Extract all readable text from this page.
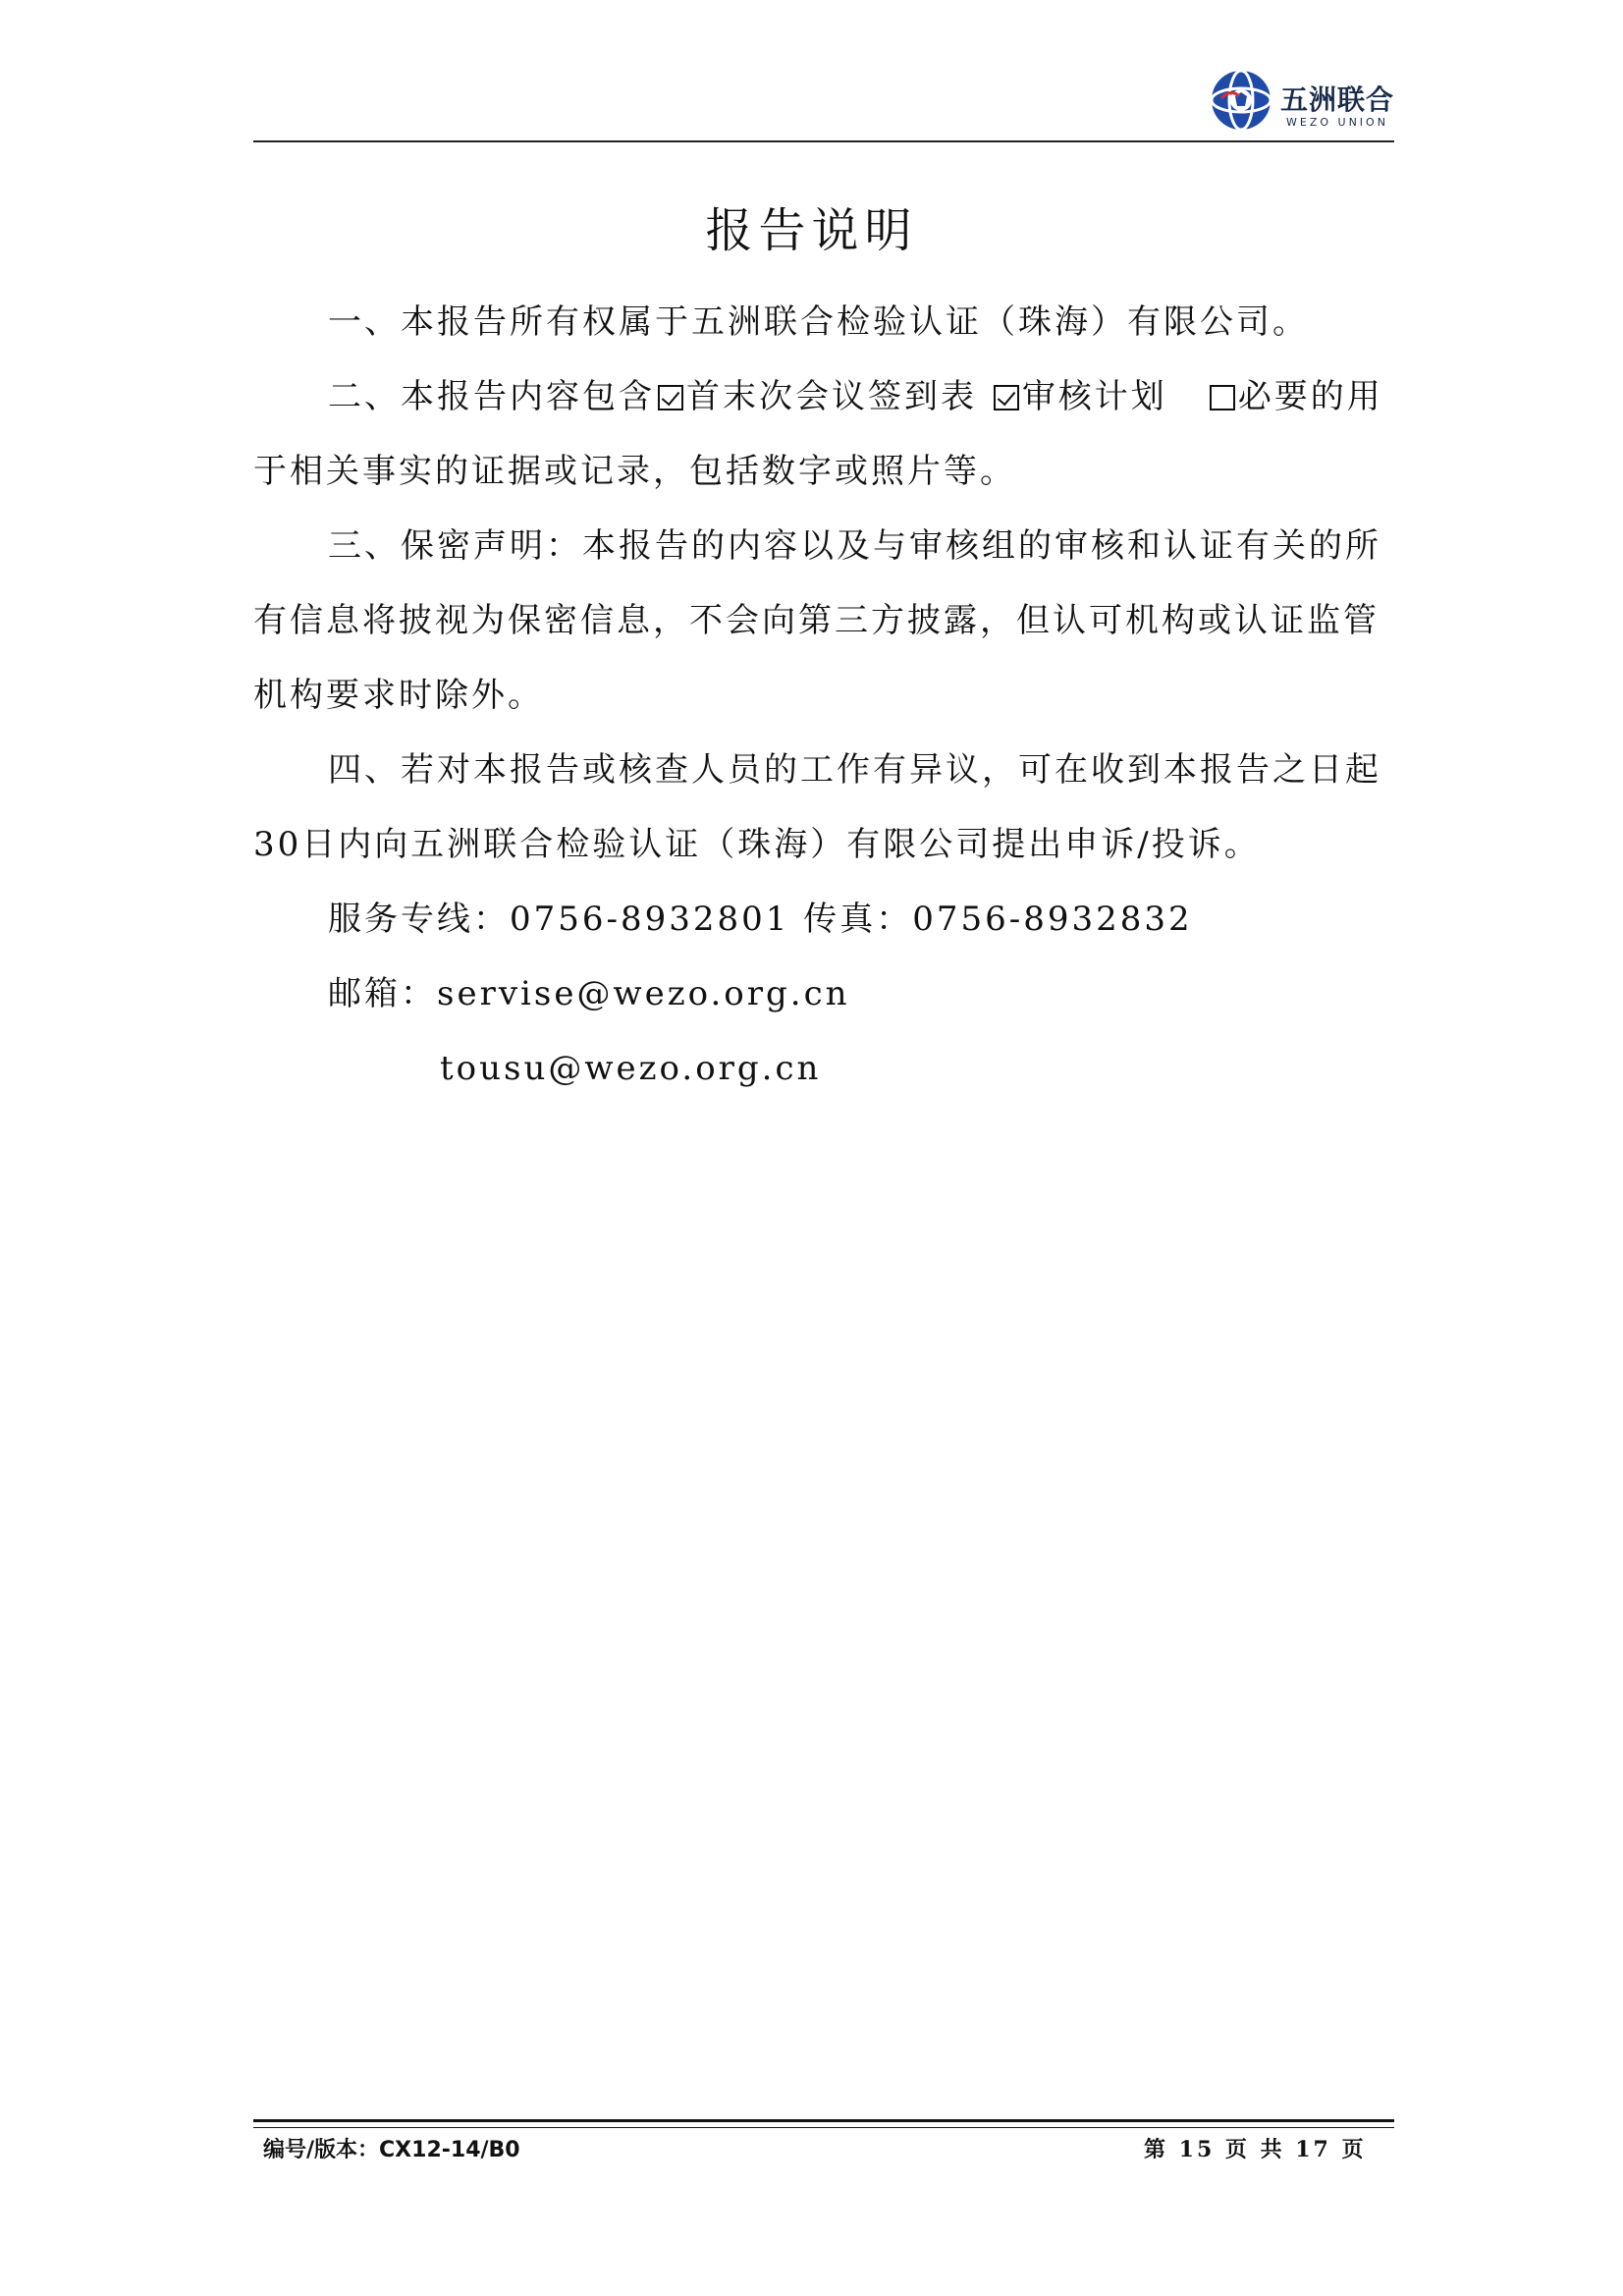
五洲联合
WEZO UNION
报告说明

一、本报告所有权属于五洲联合检验认证（珠海）有限公司。

二、本报告内容包含 首末次会议签到表 审核计划 必要的用于相关事实的证据或记录，包括数字或照片等。

三、保密声明：本报告的内容以及与审核组的审核和认证有关的所有信息将披视为保密信息，不会向第三方披露，但认可机构或认证监管机构要求时除外。

四、若对本报告或核查人员的工作有异议，可在收到本报告之日起30日内向五洲联合检验认证（珠海）有限公司提出申诉/投诉。

服务专线：0756-8932801 传真：0756-8932832

邮箱：servise@wezo.org.cn

tousu@wezo.org.cn

编号/版本：CX12-14/B0	第 15 页 共 17 页
